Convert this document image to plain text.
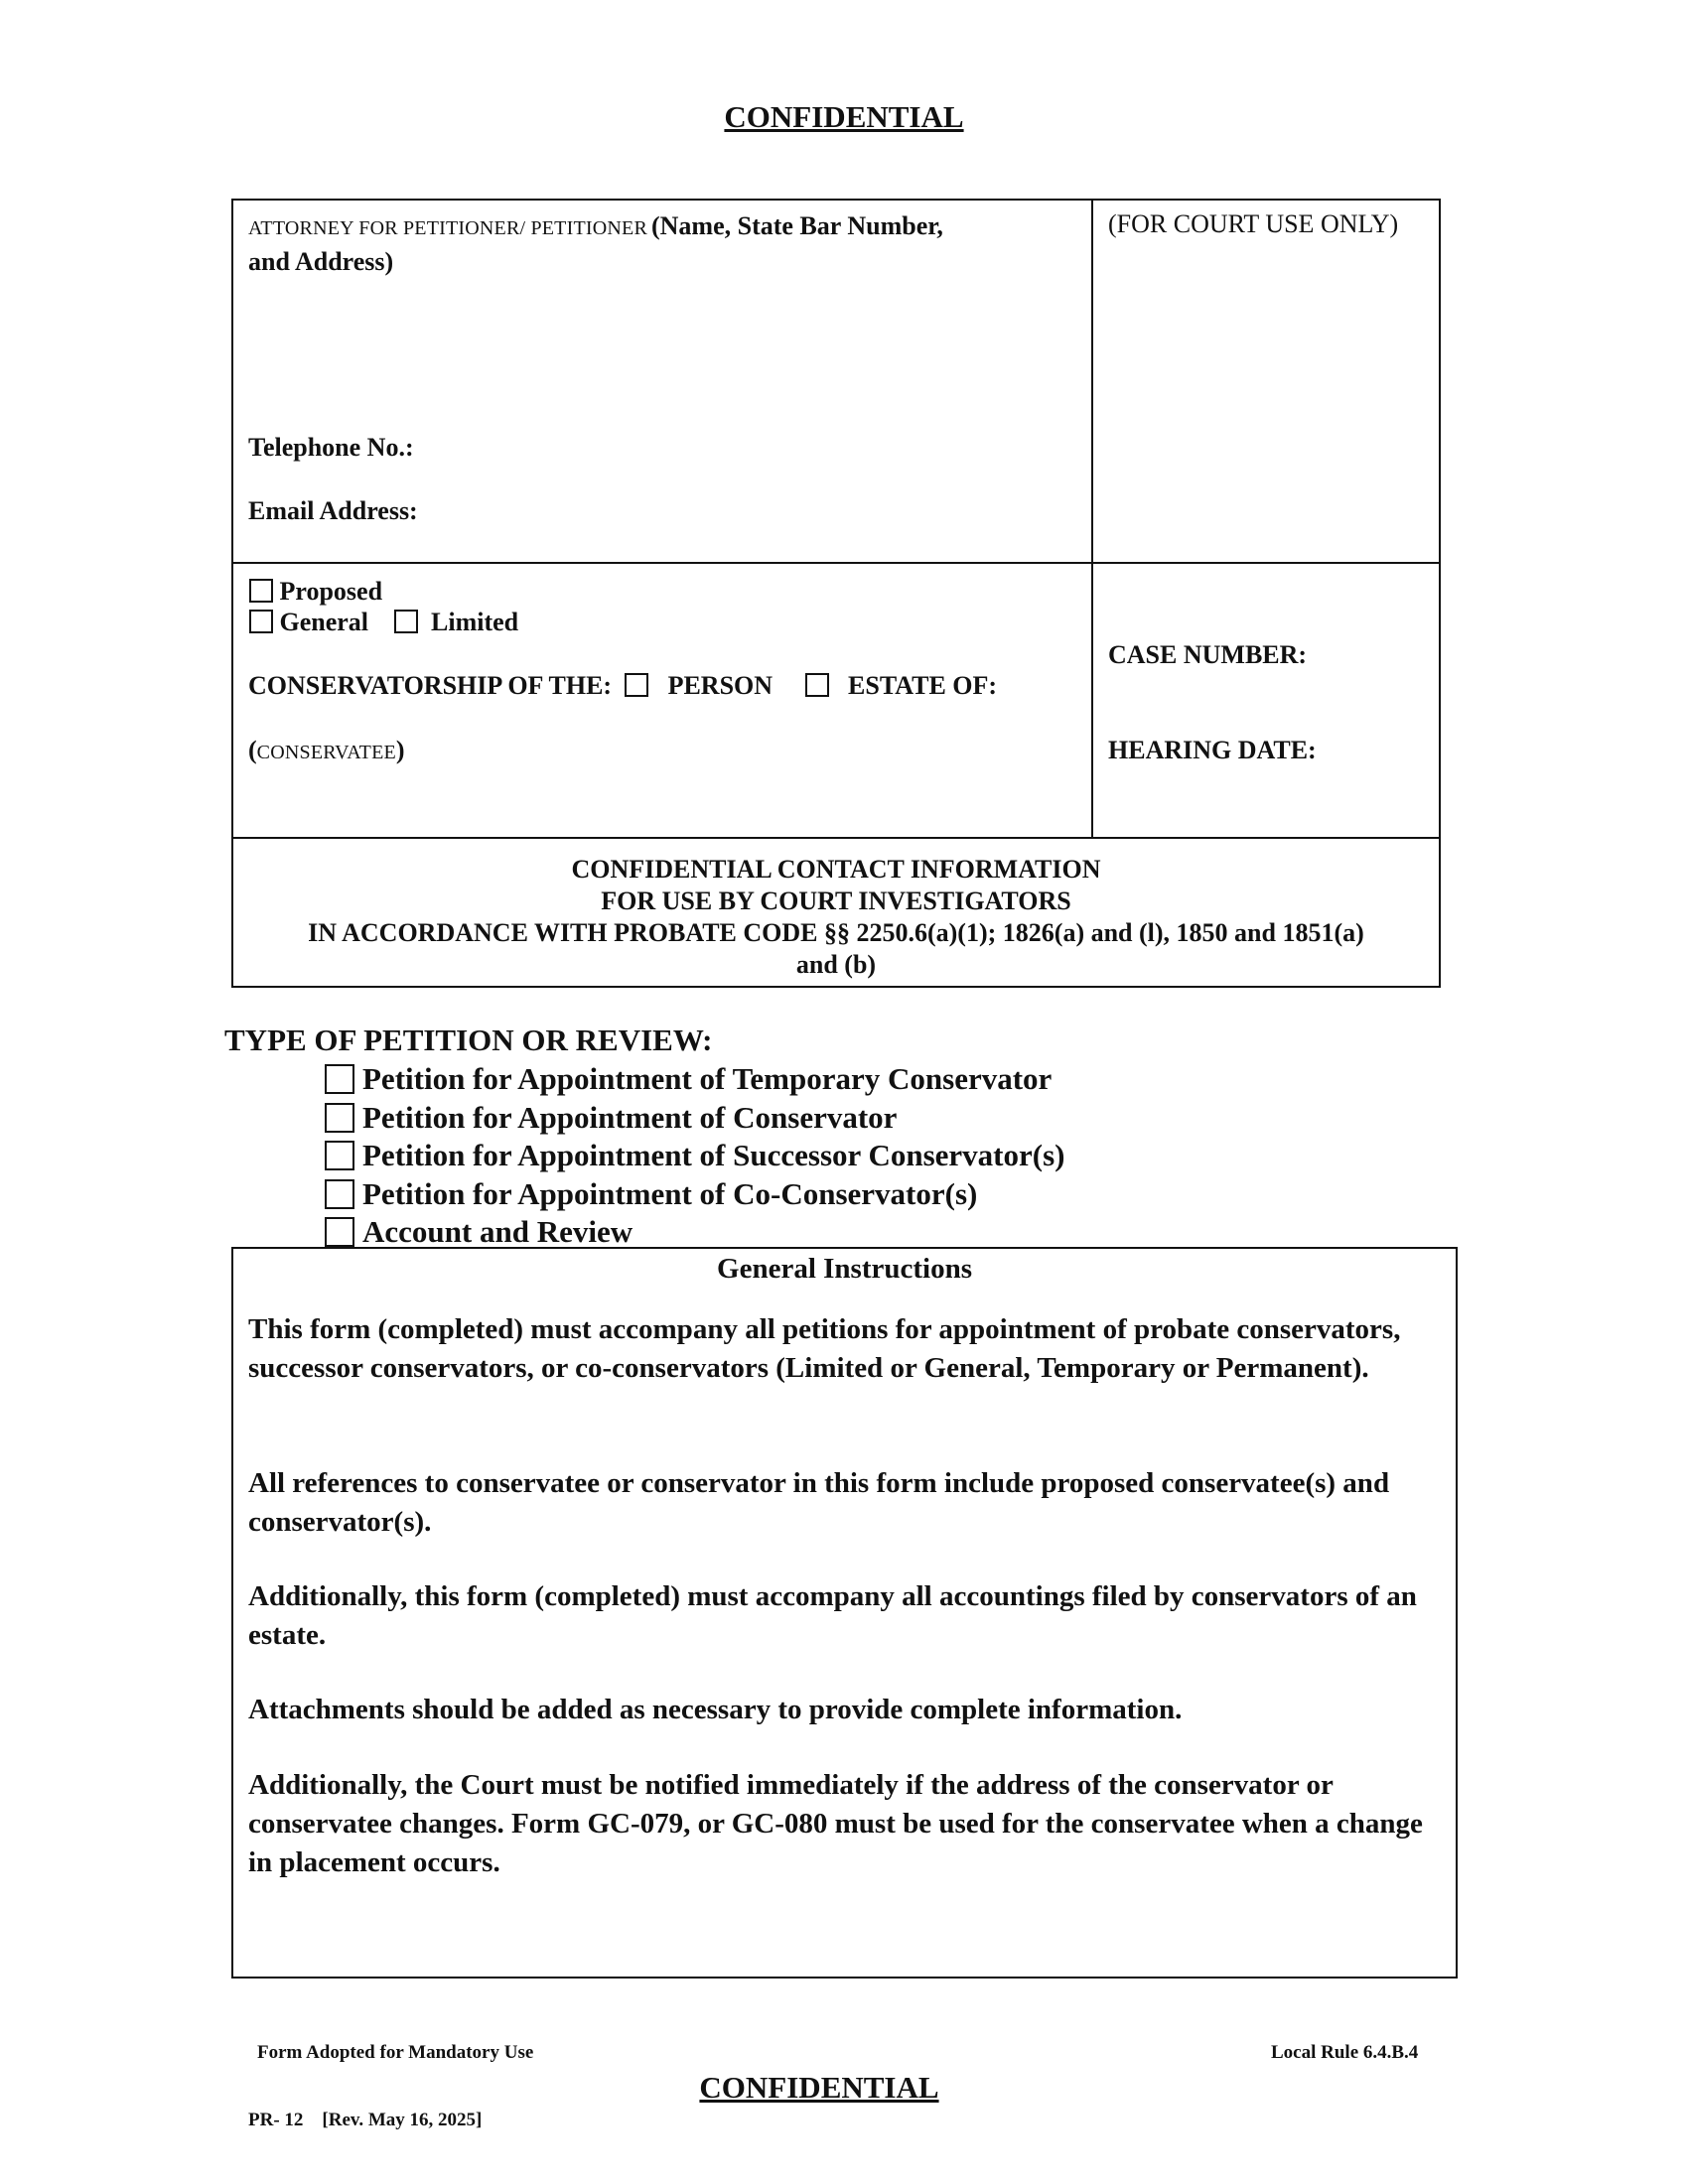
CONFIDENTIAL
ATTORNEY FOR PETITIONER/ PETITIONER (Name, State Bar Number,
and Address)
Telephone No.:
Email Address:
(FOR COURT USE ONLY)
Proposed
General Limited
CONSERVATORSHIP OF THE: PERSON	ESTATE OF:
(CONSERVATEE)
CASE NUMBER:
HEARING DATE:
CONFIDENTIAL CONTACT INFORMATION
FOR USE BY COURT INVESTIGATORS
IN ACCORDANCE WITH PROBATE CODE §§ 2250.6(a)(1); 1826(a) and (l), 1850 and 1851(a)
and (b)
TYPE OF PETITION OR REVIEW:
Petition for Appointment of Temporary Conservator
Petition for Appointment of Conservator
Petition for Appointment of Successor Conservator(s)
Petition for Appointment of Co-Conservator(s)
Account and Review
General Instructions
This form (completed) must accompany all petitions for appointment of probate conservators, successor conservators, or co-conservators (Limited or General, Temporary or Permanent).
All references to conservatee or conservator in this form include proposed conservatee(s) and conservator(s).
Additionally, this form (completed) must accompany all accountings filed by conservators of an estate.
Attachments should be added as necessary to provide complete information.
Additionally, the Court must be notified immediately if the address of the conservator or conservatee changes. Form GC-079, or GC-080 must be used for the conservatee when a change in placement occurs.
Form Adopted for Mandatory Use	Local Rule 6.4.B.4
CONFIDENTIAL
PR- 12 [Rev. May 16, 2025]
